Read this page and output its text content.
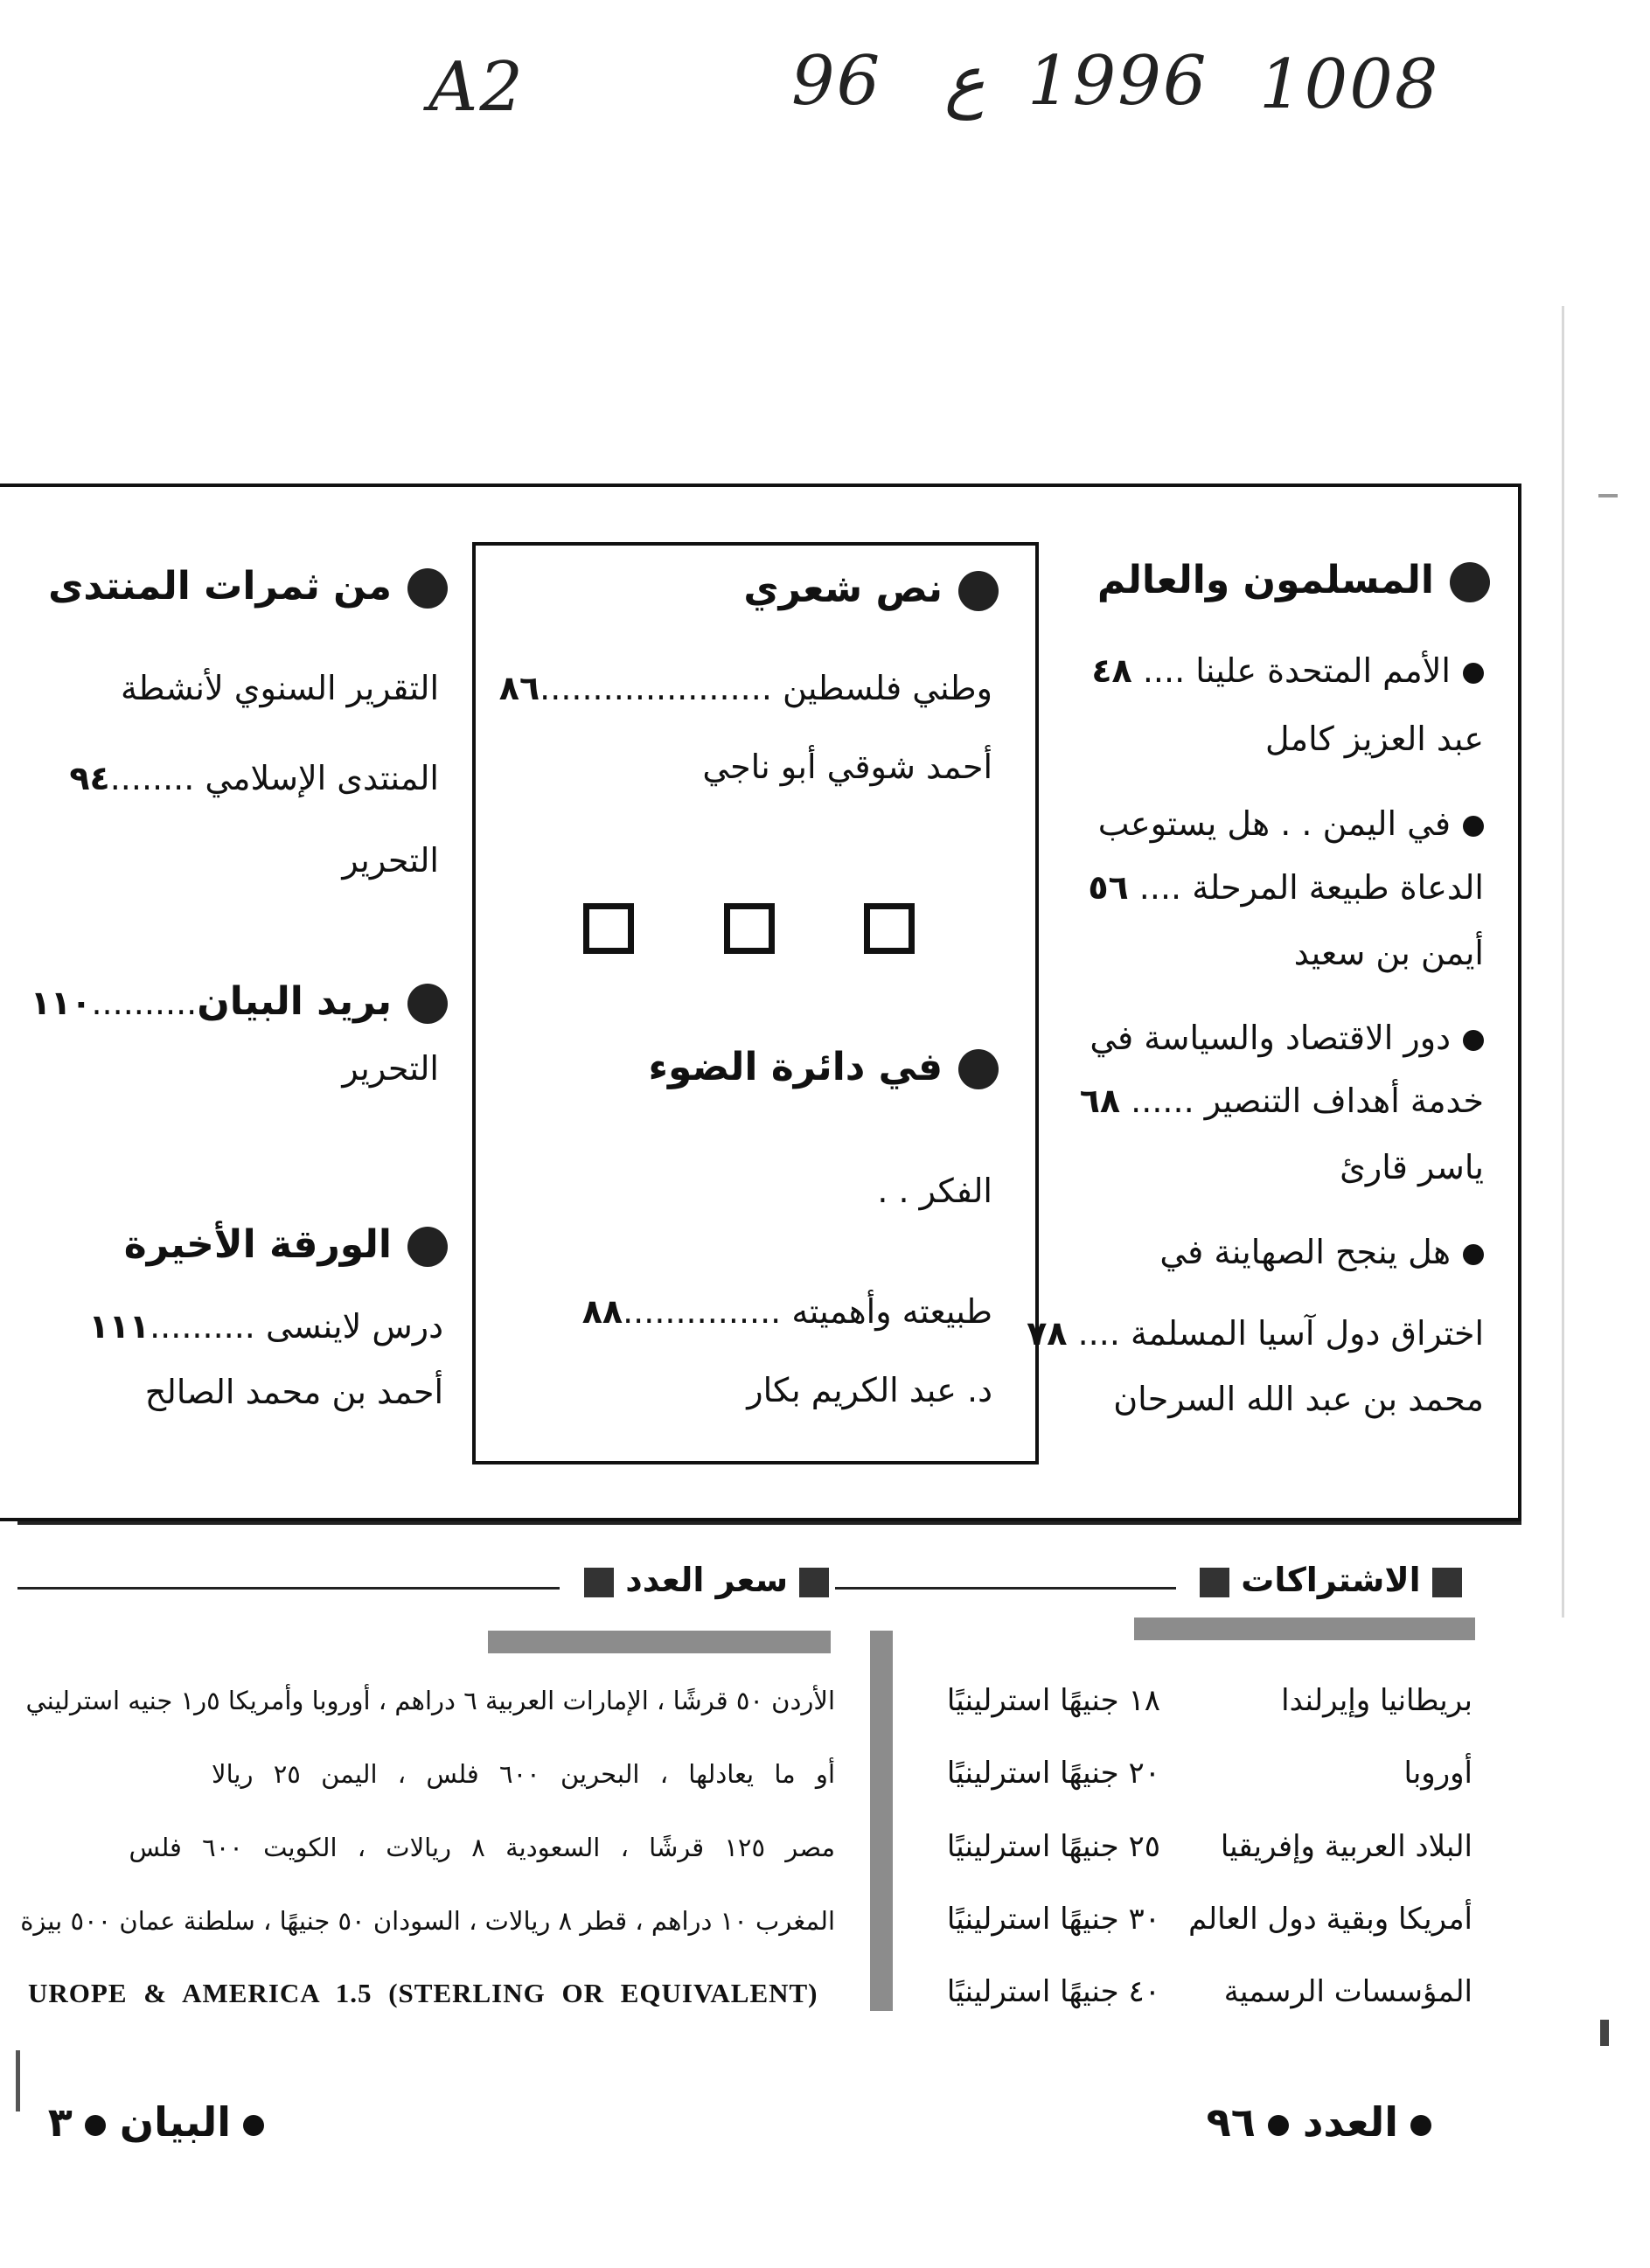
A2	96 ع 1996 1008
المسلمون والعالم
الأمم المتحدة علينا .... ٤٨
عبد العزيز كامل
في اليمن . . هل يستوعب
الدعاة طبيعة المرحلة .... ٥٦
أيمن بن سعيد
دور الاقتصاد والسياسة في
خدمة أهداف التنصير ...... ٦٨
ياسر قارئ
هل ينجح الصهاينة في
اختراق دول آسيا المسلمة .... ٧٨
محمد بن عبد الله السرحان
نص شعري
وطني فلسطين ......................٨٦
أحمد شوقي أبو ناجي
في دائرة الضوء
الفكر . .
طبيعته وأهميته ...............٨٨
د. عبد الكريم بكار
من ثمرات المنتدى
التقرير السنوي لأنشطة
المنتدى الإسلامي ........٩٤
التحرير
بريد البيان..........١١٠
التحرير
الورقة الأخيرة
درس لاينسى ..........١١١
أحمد بن محمد الصالح
الاشتراكات
بريطانيا وإيرلندا
١٨ جنيهًا استرلينيًا
أوروبا
٢٠ جنيهًا استرلينيًا
البلاد العربية وإفريقيا
٢٥ جنيهًا استرلينيًا
أمريكا وبقية دول العالم
٣٠ جنيهًا استرلينيًا
المؤسسات الرسمية
٤٠ جنيهًا استرلينيًا
سعر العدد
الأردن ٥٠ قرشًا ، الإمارات العربية ٦ دراهم ، أوروبا وأمريكا ٥ر١ جنيه استرليني
أو ما يعادلها ، البحرين ٦٠٠ فلس ، اليمن ٢٥ ريالا
مصر ١٢٥ قرشًا ، السعودية ٨ ريالات ، الكويت ٦٠٠ فلس
المغرب ١٠ دراهم ، قطر ٨ ريالات ، السودان ٥٠ جنيهًا ، سلطنة عمان ٥٠٠ بيزة
UROPE & AMERICA 1.5 (STERLING OR EQUIVALENT)
العدد ٩٦
البيان ٣
